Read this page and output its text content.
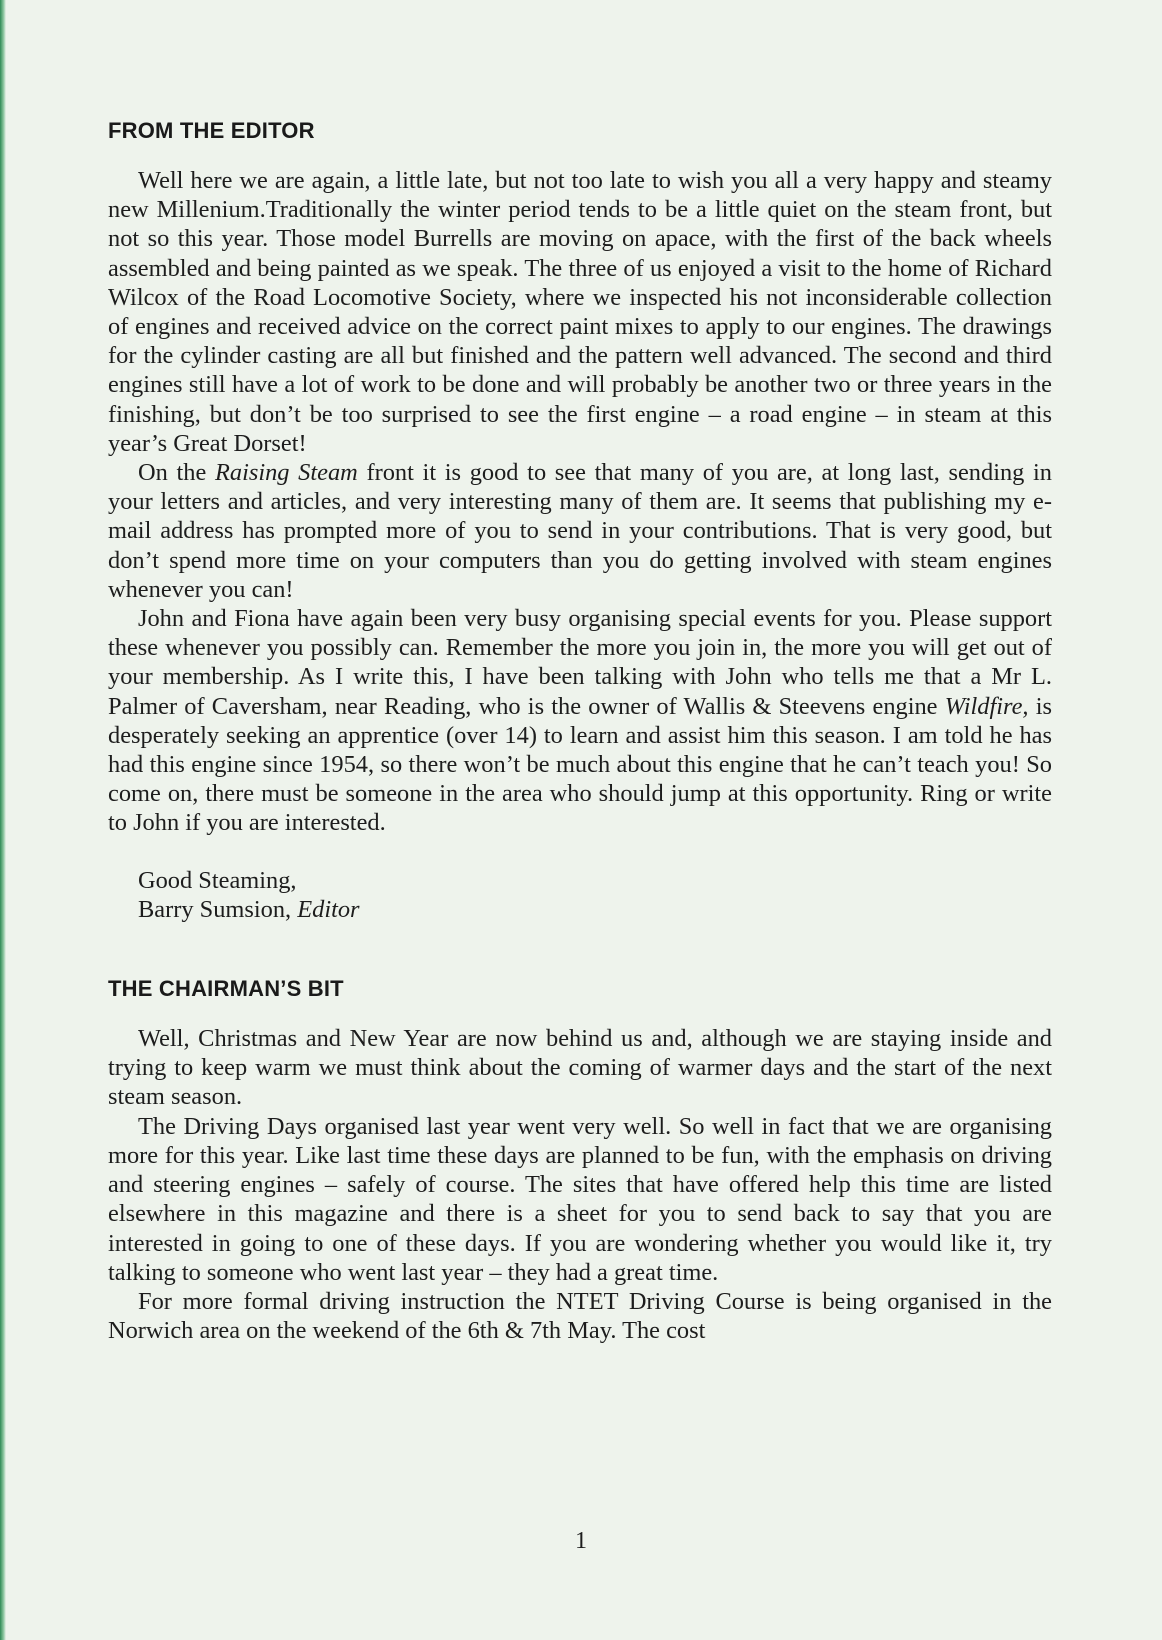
FROM THE EDITOR

Well here we are again, a little late, but not too late to wish you all a very happy and steamy new Millenium.Traditionally the winter period tends to be a little quiet on the steam front, but not so this year. Those model Burrells are moving on apace, with the first of the back wheels assembled and being painted as we speak. The three of us enjoyed a visit to the home of Richard Wilcox of the Road Locomotive Society, where we inspected his not inconsiderable collection of engines and received advice on the correct paint mixes to apply to our engines. The drawings for the cylinder casting are all but finished and the pattern well advanced. The second and third engines still have a lot of work to be done and will probably be another two or three years in the finishing, but don’t be too surprised to see the first engine – a road engine – in steam at this year’s Great Dorset!

On the Raising Steam front it is good to see that many of you are, at long last, sending in your letters and articles, and very interesting many of them are. It seems that publishing my e-mail address has prompted more of you to send in your contributions. That is very good, but don’t spend more time on your computers than you do getting involved with steam engines whenever you can!

John and Fiona have again been very busy organising special events for you. Please support these whenever you possibly can. Remember the more you join in, the more you will get out of your membership. As I write this, I have been talking with John who tells me that a Mr L. Palmer of Caversham, near Reading, who is the owner of Wallis & Steevens engine Wildfire, is desperately seeking an apprentice (over 14) to learn and assist him this season. I am told he has had this engine since 1954, so there won’t be much about this engine that he can’t teach you! So come on, there must be someone in the area who should jump at this opportunity. Ring or write to John if you are interested.

Good Steaming,
Barry Sumsion, Editor
THE CHAIRMAN’S BIT

Well, Christmas and New Year are now behind us and, although we are staying inside and trying to keep warm we must think about the coming of warmer days and the start of the next steam season.

The Driving Days organised last year went very well. So well in fact that we are organising more for this year. Like last time these days are planned to be fun, with the emphasis on driving and steering engines – safely of course. The sites that have offered help this time are listed elsewhere in this magazine and there is a sheet for you to send back to say that you are interested in going to one of these days. If you are wondering whether you would like it, try talking to someone who went last year – they had a great time.

For more formal driving instruction the NTET Driving Course is being organised in the Norwich area on the weekend of the 6th & 7th May. The cost

1
